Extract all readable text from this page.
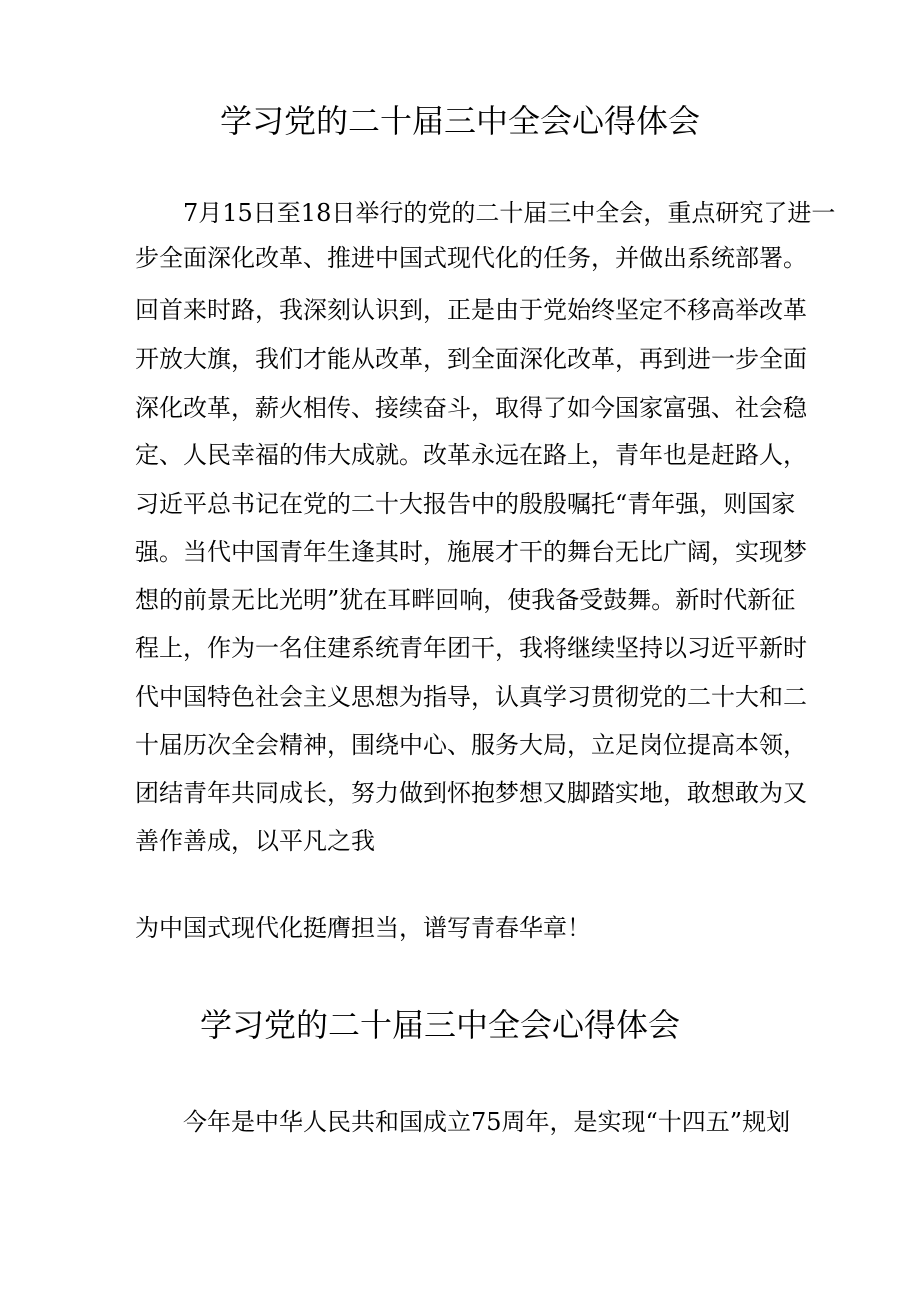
学习党的二十届三中全会心得体会
7月15日至18日举行的党的二十届三中全会，重点研究了进一
步全面深化改革、推进中国式现代化的任务，并做出系统部署。
回首来时路，我深刻认识到，正是由于党始终坚定不移高举改革
开放大旗，我们才能从改革，到全面深化改革，再到进一步全面
深化改革，薪火相传、接续奋斗，取得了如今国家富强、社会稳
定、人民幸福的伟大成就。改革永远在路上，青年也是赶路人，
习近平总书记在党的二十大报告中的殷殷嘱托“青年强，则国家
强。当代中国青年生逢其时，施展才干的舞台无比广阔，实现梦
想的前景无比光明”犹在耳畔回响，使我备受鼓舞。新时代新征
程上，作为一名住建系统青年团干，我将继续坚持以习近平新时
代中国特色社会主义思想为指导，认真学习贯彻党的二十大和二
十届历次全会精神，围绕中心、服务大局，立足岗位提高本领，
团结青年共同成长，努力做到怀抱梦想又脚踏实地，敢想敢为又
善作善成，以平凡之我
为中国式现代化挺膺担当，谱写青春华章！
学习党的二十届三中全会心得体会
今年是中华人民共和国成立75周年，是实现“十四五”规划
